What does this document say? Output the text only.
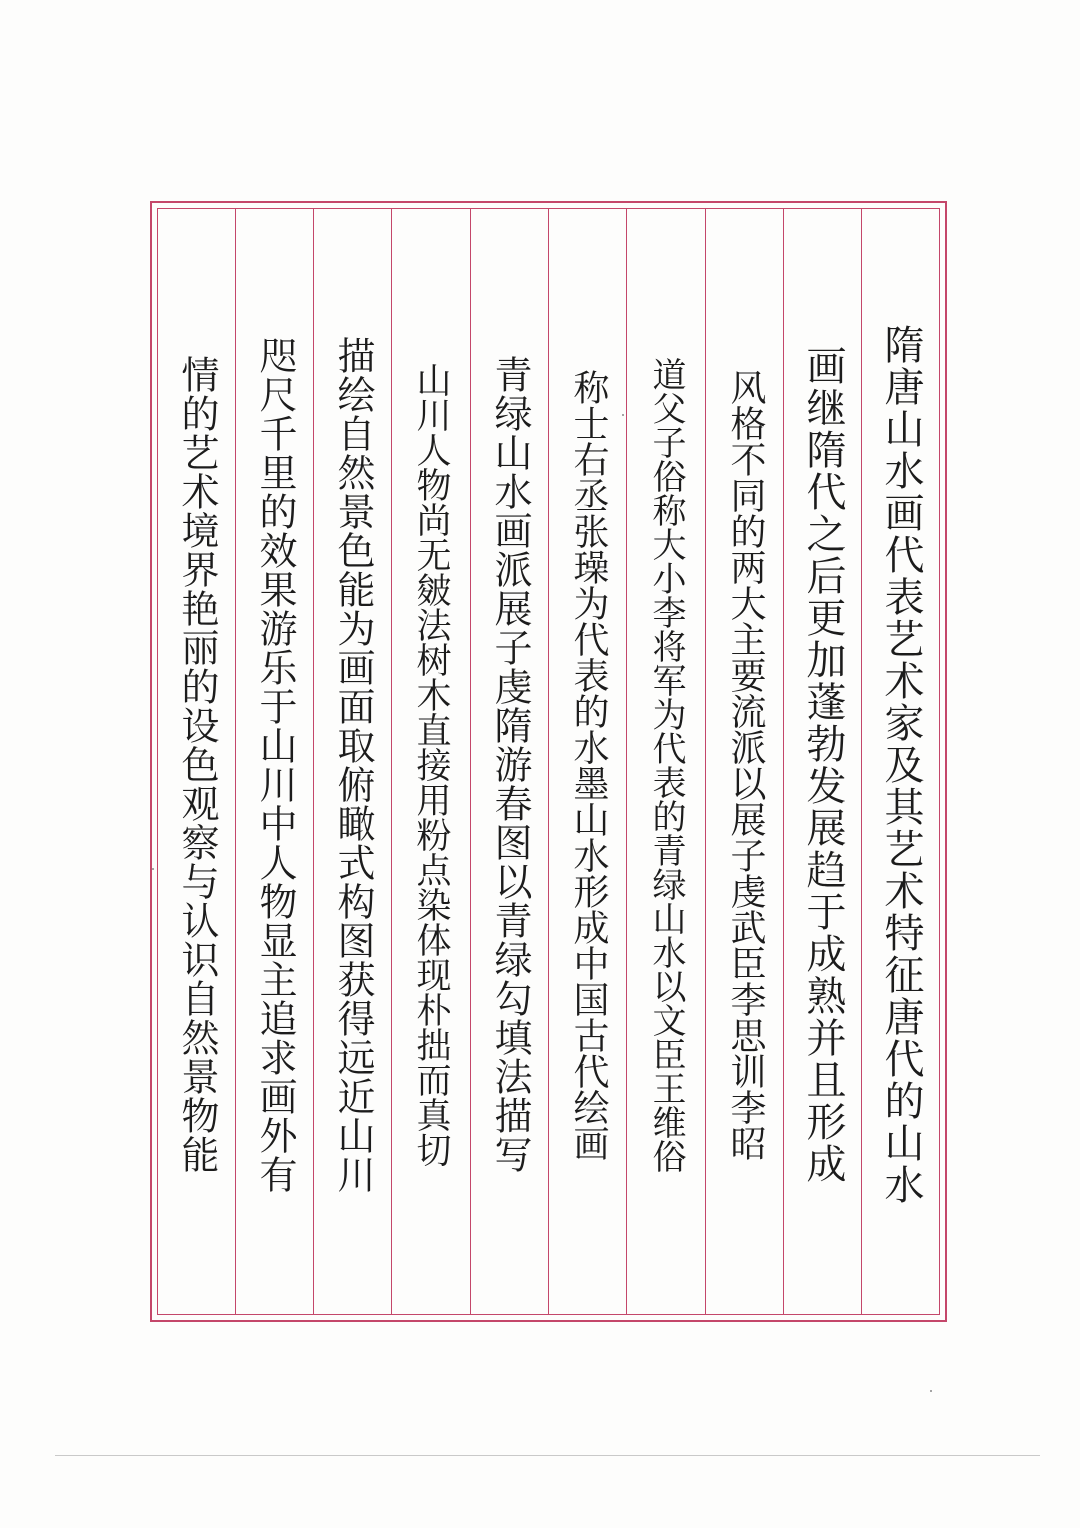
隋唐山水画代表艺术家及其艺术特征唐代的山水
画继隋代之后更加蓬勃发展趋于成熟并且形成
风格不同的两大主要流派以展子虔武臣李思训李昭
道父子俗称大小李将军为代表的青绿山水以文臣王维俗
称士右丞张璪为代表的水墨山水形成中国古代绘画
青绿山水画派展子虔隋游春图以青绿勾填法描写
山川人物尚无皴法树木直接用粉点染体现朴拙而真切
描绘自然景色能为画面取俯瞰式构图获得远近山川
咫尺千里的效果游乐于山川中人物显主追求画外有
情的艺术境界艳丽的设色观察与认识自然景物能
